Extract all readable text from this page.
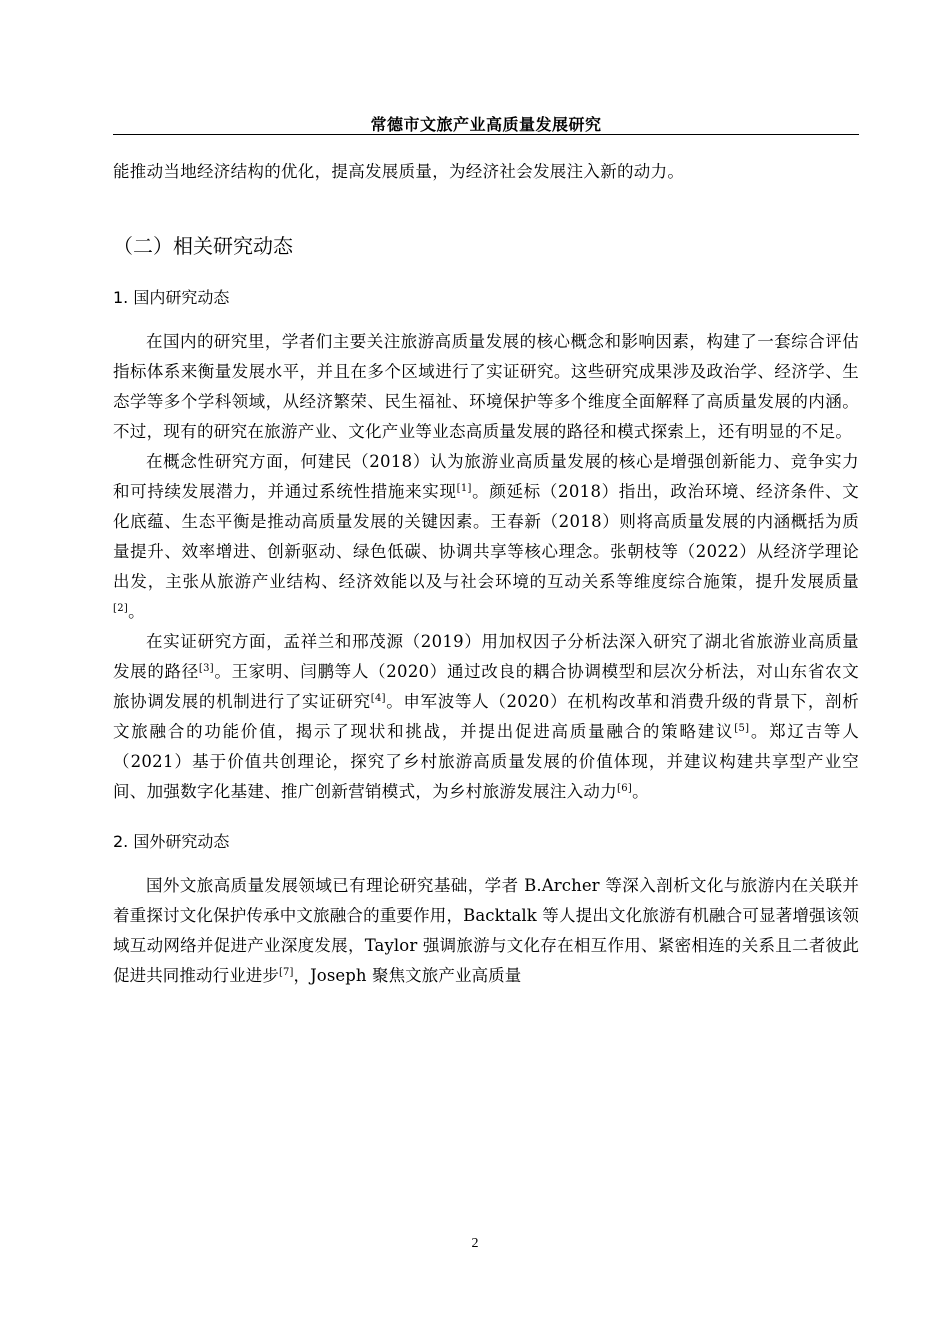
常德市文旅产业高质量发展研究

能推动当地经济结构的优化，提高发展质量，为经济社会发展注入新的动力。

（二）相关研究动态
1. 国内研究动态

在国内的研究里，学者们主要关注旅游高质量发展的核心概念和影响因素，构建了一套综合评估指标体系来衡量发展水平，并且在多个区域进行了实证研究。这些研究成果涉及政治学、经济学、生态学等多个学科领域，从经济繁荣、民生福祉、环境保护等多个维度全面解释了高质量发展的内涵。不过，现有的研究在旅游产业、文化产业等业态高质量发展的路径和模式探索上，还有明显的不足。

在概念性研究方面，何建民（2018）认为旅游业高质量发展的核心是增强创新能力、竞争实力和可持续发展潜力，并通过系统性措施来实现[1]。颜延标（2018）指出，政治环境、经济条件、文化底蕴、生态平衡是推动高质量发展的关键因素。王春新（2018）则将高质量发展的内涵概括为质量提升、效率增进、创新驱动、绿色低碳、协调共享等核心理念。张朝枝等（2022）从经济学理论出发，主张从旅游产业结构、经济效能以及与社会环境的互动关系等维度综合施策，提升发展质量[2]。

在实证研究方面，孟祥兰和邢茂源（2019）用加权因子分析法深入研究了湖北省旅游业高质量发展的路径[3]。王家明、闫鹏等人（2020）通过改良的耦合协调模型和层次分析法，对山东省农文旅协调发展的机制进行了实证研究[4]。申军波等人（2020）在机构改革和消费升级的背景下，剖析文旅融合的功能价值，揭示了现状和挑战，并提出促进高质量融合的策略建议[5]。郑辽吉等人（2021）基于价值共创理论，探究了乡村旅游高质量发展的价值体现，并建议构建共享型产业空间、加强数字化基建、推广创新营销模式，为乡村旅游发展注入动力[6]。

2. 国外研究动态

国外文旅高质量发展领域已有理论研究基础，学者 B.Archer 等深入剖析文化与旅游内在关联并着重探讨文化保护传承中文旅融合的重要作用，Backtalk 等人提出文化旅游有机融合可显著增强该领域互动网络并促进产业深度发展，Taylor 强调旅游与文化存在相互作用、紧密相连的关系且二者彼此促进共同推动行业进步[7]，Joseph 聚焦文旅产业高质量

2
